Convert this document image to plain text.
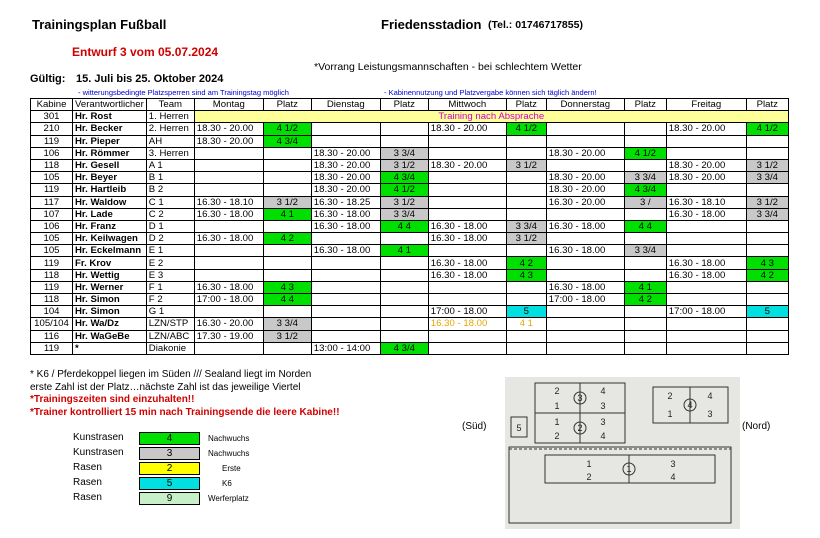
Trainingsplan Fußball	Friedensstadion (Tel.: 01746717855)
Entwurf 3 vom 05.07.2024
*Vorrang Leistungsmannschaften - bei schlechtem Wetter
Gültig: 15. Juli bis 25. Oktober 2024
- witterungsbedingte Platzsperren sind am Trainingstag möglich	- Kabinennutzung und Platzvergabe können sich täglich ändern!
Kabine	Verantwortlicher	Team	Montag	Platz	Dienstag	Platz	Mittwoch	Platz	Donnerstag	Platz	Freitag	Platz
301	Hr. Rost	1. Herren	Training nach Absprache									
210	Hr. Becker	2. Herren	18.30 - 20.00	4 1/2			18.30 - 20.00	4 1/2			18.30 - 20.00	4 1/2
119	Hr. Pieper	AH	18.30 - 20.00	4 3/4								
106	Hr. Römmer	3. Herren			18.30 - 20.00	3 3/4			18.30 - 20.00	4 1/2		
118	Hr. Gesell	A 1			18.30 - 20.00	3 1/2	18.30 - 20.00	3 1/2			18.30 - 20.00	3 1/2
105	Hr. Beyer	B 1			18.30 - 20.00	4 3/4			18.30 - 20.00	3 3/4	18.30 - 20.00	3 3/4
119	Hr. Hartleib	B 2			18.30 - 20.00	4 1/2			18.30 - 20.00	4 3/4		
117	Hr. Waldow	C 1	16.30 - 18.10	3 1/2	16.30 - 18.25	3 1/2			16.30 - 20.00	3 /	16.30 - 18.10	3 1/2
107	Hr. Lade	C 2	16.30 - 18.00	4 1	16.30 - 18.00	3 3/4					16.30 - 18.00	3 3/4
106	Hr. Franz	D 1			16.30 - 18.00	4 4	16.30 - 18.00	3 3/4	16.30 - 18.00	4 4		
105	Hr. Keilwagen	D 2	16.30 - 18.00	4 2			16.30 - 18.00	3 1/2				
105	Hr. Eckelmann	E 1			16.30 - 18.00	4 1			16.30 - 18.00	3 3/4		
119	Fr. Krov	E 2					16.30 - 18.00	4 2			16.30 - 18.00	4 3
118	Hr. Wettig	E 3					16.30 - 18.00	4 3			16.30 - 18.00	4 2
119	Hr. Werner	F 1	16.30 - 18.00	4 3					16.30 - 18.00	4 1		
118	Hr. Simon	F 2	17:00 - 18.00	4 4					17:00 - 18.00	4 2		
104	Hr. Simon	G 1					17:00 - 18.00	5			17:00 - 18.00	5
105/104	Hr. Wa/Dz	LZN/STP	16.30 - 20.00	3 3/4			16.30 - 18.00	4 1				
116	Hr. WaGeBe	LZN/ABC	17.30 - 19.00	3 1/2								
119	*	Diakonie			13:00 - 14:00	4 3/4						
* K6 / Pferdekoppel liegen im Süden /// Sealand liegt im Norden
erste Zahl ist der Platz…nächste Zahl ist das jeweilige Viertel
*Trainingszeiten sind einzuhalten!!
*Trainer kontrolliert 15 min nach Trainingsende die leere Kabine!!
Kunstrasen	4	Nachwuchs
Kunstrasen	3	Nachwuchs
Rasen	2	Erste
Rasen	5	K6
Rasen	9	Werferplatz
(Süd)	(Nord)
5
3
2	4
1	3
2
1	3
2	4
4
2	4
1	3
1
1	3
2	4
